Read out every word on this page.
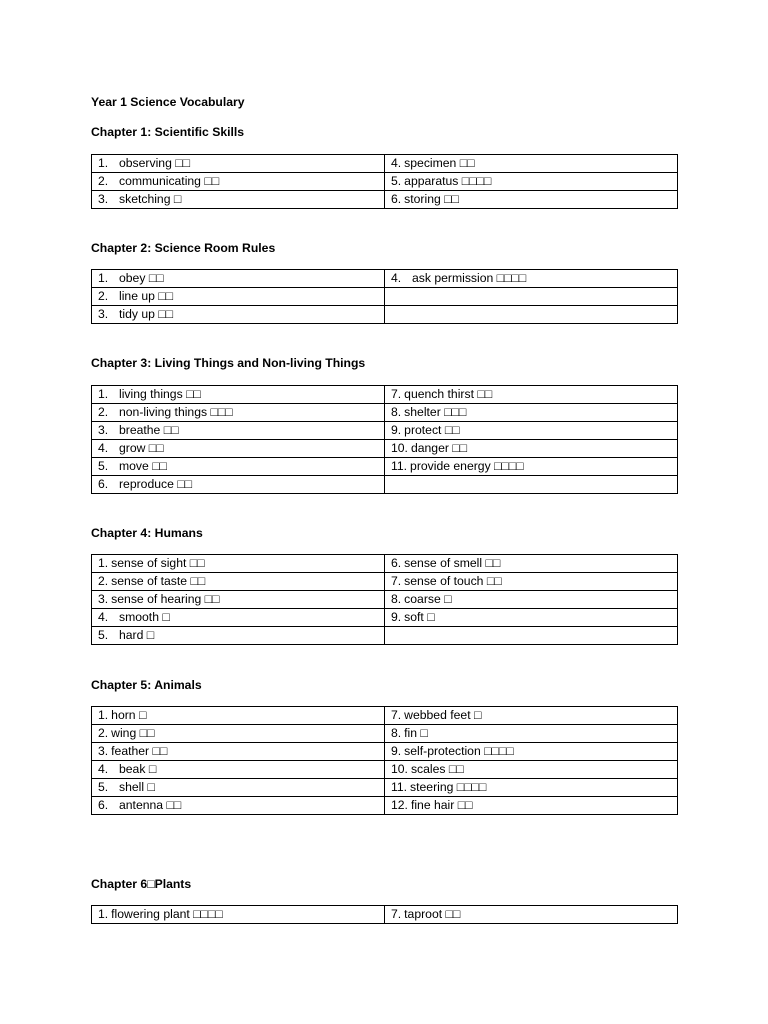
Year 1 Science Vocabulary
Chapter 1: Scientific Skills
1. observing □□	4. specimen □□
2. communicating □□	5. apparatus □□□□
3. sketching □	6. storing □□
Chapter 2: Science Room Rules
1. obey □□	4. ask permission □□□□
2. line up □□	
3. tidy up □□	
Chapter 3: Living Things and Non-living Things
1. living things □□	7. quench thirst □□
2. non-living things □□□	8. shelter □□□
3. breathe □□	9. protect □□
4. grow □□	10. danger □□
5. move □□	11. provide energy □□□□
6. reproduce □□	
Chapter 4: Humans
1. sense of sight □□	6. sense of smell □□
2. sense of taste □□	7. sense of touch □□
3. sense of hearing □□	8. coarse □
4. smooth □	9. soft □
5. hard □	
Chapter 5: Animals
1. horn □	7. webbed feet □
2. wing □□	8. fin □
3. feather □□	9. self-protection □□□□
4. beak □	10. scales □□
5. shell □	11. steering □□□□
6. antenna □□	12. fine hair □□
Chapter 6□Plants
1. flowering plant □□□□	7. taproot □□
